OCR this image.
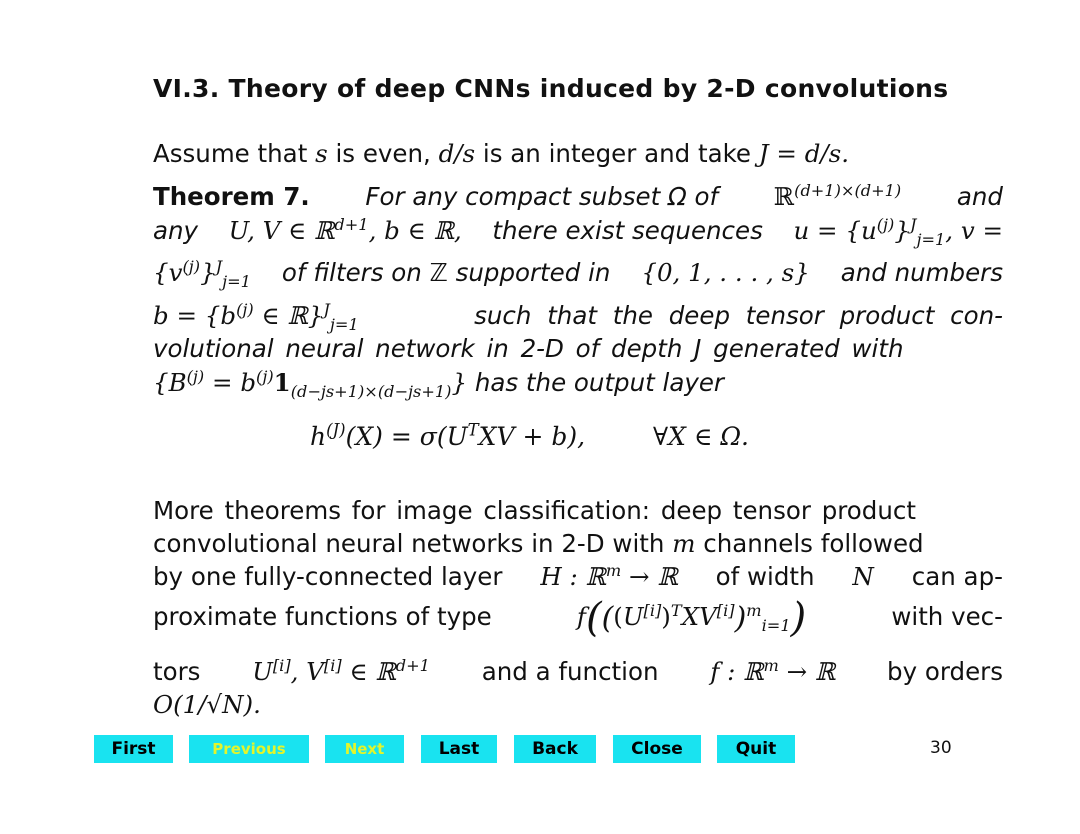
VI.3. Theory of deep CNNs induced by 2-D convolutions
Assume that s is even, d/s is an integer and take J = d/s.
Theorem 7. For any compact subset Ω of ℝ$^{(d+1)\times(d+1)}$ and
any U, V ∈ ℝ$^{d+1}$, b ∈ ℝ, there exist sequences $u = \{u^{(j)}\}^J_{j=1}$, v =
$\{v^{(j)}\}^J_{j=1}$ of filters on ℤ supported in {0, 1, . . . , s} and numbers
$b = \{b^{(j)}$ ∈ ℝ}$^J_{j=1}$	such that the deep tensor product con-
volutional neural network in 2-D of depth J generated with
$\{B^{(j)} = b^{(j)}1_{(d-js+1)\times(d-js+1)}\}$ has the output layer
$h^{(J)}(X) = \sigma(U^TXV + b)$,	∀X ∈ Ω.
More theorems for image classification: deep tensor product
convolutional neural networks in 2-D with m channels followed
by one fully-connected layer H : ℝ$^m$ → ℝ of width N can ap-
proximate functions of type	$f(((U[i])^TXV[i])^m_{i=1})$	with vec-
tors U[i], V[i] ∈ ℝ$^{d+1}$ and a function f : ℝ$^m$ → ℝ by orders
O(1/√N).
First	Previous	Next	Last	Back	Close	Quit	30
